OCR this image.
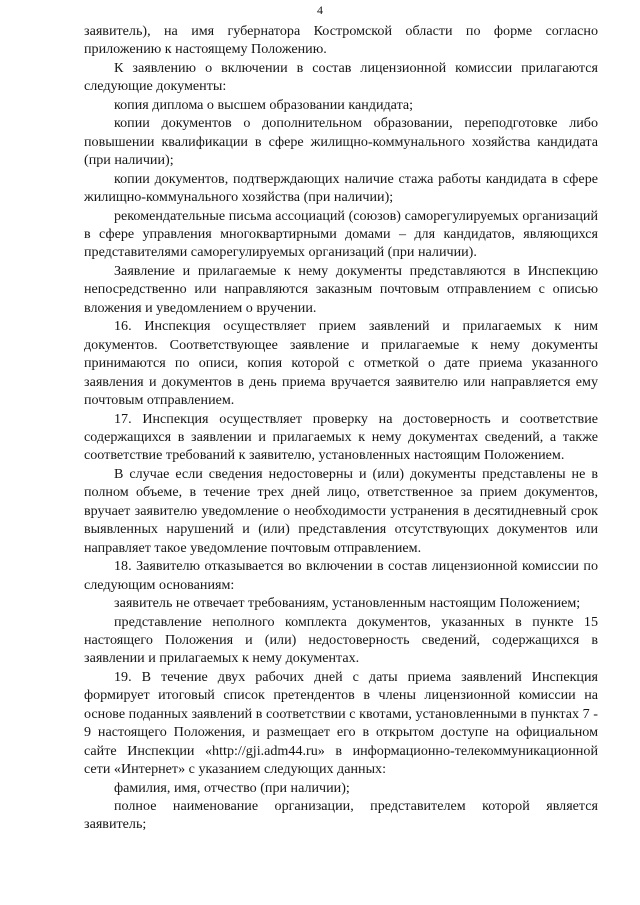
4

заявитель), на имя губернатора Костромской области по форме согласно приложению к настоящему Положению.

К заявлению о включении в состав лицензионной комиссии прилагаются следующие документы:

копия диплома о высшем образовании кандидата;

копии документов о дополнительном образовании, переподготовке либо повышении квалификации в сфере жилищно-коммунального хозяйства кандидата (при наличии);

копии документов, подтверждающих наличие стажа работы кандидата в сфере жилищно-коммунального хозяйства (при наличии);

рекомендательные письма ассоциаций (союзов) саморегулируемых организаций в сфере управления многоквартирными домами – для кандидатов, являющихся представителями саморегулируемых организаций (при наличии).

Заявление и прилагаемые к нему документы представляются в Инспекцию непосредственно или направляются заказным почтовым отправлением с описью вложения и уведомлением о вручении.

16. Инспекция осуществляет прием заявлений и прилагаемых к ним документов. Соответствующее заявление и прилагаемые к нему документы принимаются по описи, копия которой с отметкой о дате приема указанного заявления и документов в день приема вручается заявителю или направляется ему почтовым отправлением.

17. Инспекция осуществляет проверку на достоверность и соответствие содержащихся в заявлении и прилагаемых к нему документах сведений, а также соответствие требований к заявителю, установленных настоящим Положением.

В случае если сведения недостоверны и (или) документы представлены не в полном объеме, в течение трех дней лицо, ответственное за прием документов, вручает заявителю уведомление о необходимости устранения в десятидневный срок выявленных нарушений и (или) представления отсутствующих документов или направляет такое уведомление почтовым отправлением.

18. Заявителю отказывается во включении в состав лицензионной комиссии по следующим основаниям:

заявитель не отвечает требованиям, установленным настоящим Положением;

представление неполного комплекта документов, указанных в пункте 15 настоящего Положения и (или) недостоверность сведений, содержащихся в заявлении и прилагаемых к нему документах.

19. В течение двух рабочих дней с даты приема заявлений Инспекция формирует итоговый список претендентов в члены лицензионной комиссии на основе поданных заявлений в соответствии с квотами, установленными в пунктах 7 - 9 настоящего Положения, и размещает его в открытом доступе на официальном сайте Инспекции «http://gji.adm44.ru» в информационно-телекоммуникационной сети «Интернет» с указанием следующих данных:

фамилия, имя, отчество (при наличии);

полное наименование организации, представителем которой является заявитель;
